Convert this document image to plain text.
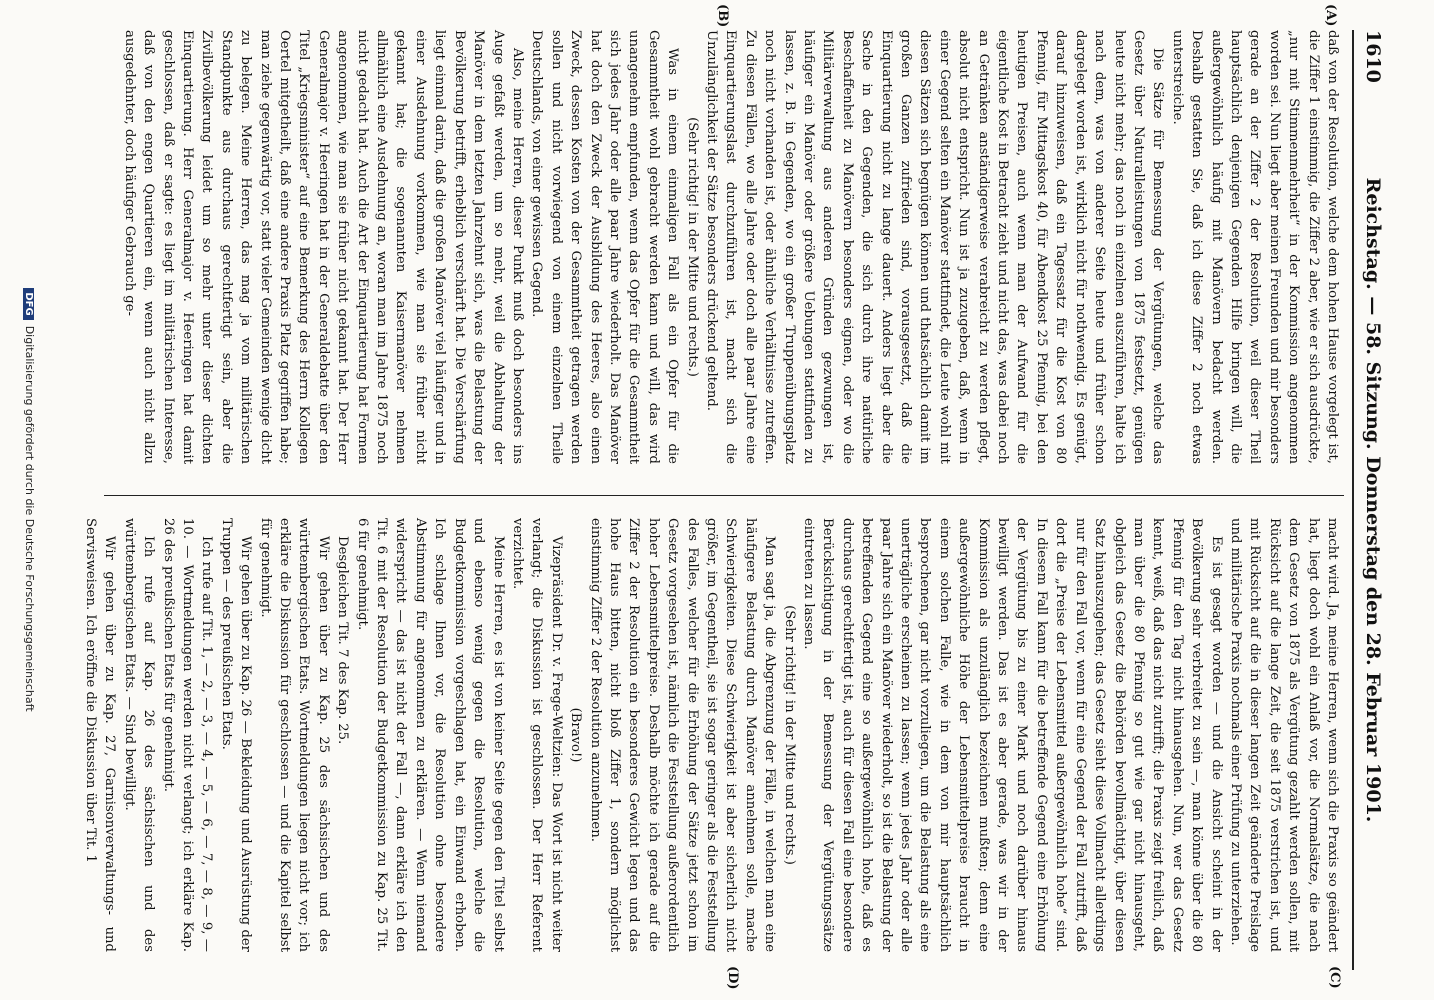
1610
Reichstag. — 58. Sitzung. Donnerstag den 28. Februar 1901.
(A)
(B)
(C)
(D)

daß von der Resolution, welche dem hohen Hause vorgelegt ist, die Ziffer 1 einstimmig, die Ziffer 2 aber, wie er sich ausdrückte, „nur mit Stimmenmehrheit“ in der Kommission angenommen worden sei. Nun liegt aber meinen Freunden und mir besonders gerade an der Ziffer 2 der Resolution, weil dieser Theil hauptsächlich denjenigen Gegenden Hilfe bringen will, die außergewöhnlich häufig mit Manövern bedacht werden. Deshalb gestatten Sie, daß ich diese Ziffer 2 noch etwas unterstreiche.

Die Sätze für Bemessung der Vergütungen, welche das Gesetz über Naturalleistungen von 1875 festsetzt, genügen heute nicht mehr; das noch in einzelnen auszuführen, halte ich nach dem, was von anderer Seite heute und früher schon dargelegt worden ist, wirklich nicht für nothwendig. Es genügt, darauf hinzuweisen, daß ein Tagessatz für die Kost von 80 Pfennig, für Mittagskost 40, für Abendkost 25 Pfennig, bei den heutigen Preisen, auch wenn man der Aufwand für die eigentliche Kost in Betracht zieht und nicht das, was dabei noch an Getränken anständigerweise verabreicht zu werden pflegt, absolut nicht entspricht. Nun ist ja zuzugeben, daß, wenn in einer Gegend selten ein Manöver stattfindet, die Leute wohl mit diesen Sätzen sich begnügen können und thatsächlich damit im großen Ganzen zufrieden sind, vorausgesetzt, daß die Einquartierung nicht zu lange dauert. Anders liegt aber die Sache in den Gegenden, die sich durch ihre natürliche Beschaffenheit zu Manövern besonders eignen, oder wo die Militärverwaltung aus anderen Gründen gezwungen ist, häufiger ein Manöver oder größere Uebungen stattfinden zu lassen, z. B. in Gegenden, wo ein großer Truppenübungsplatz noch nicht vorhanden ist, oder ähnliche Verhältnisse zutreffen. Zu diesen Fällen, wo alle Jahre oder doch alle paar Jahre eine Einquartierungslast durchzuführen ist, macht sich die Unzulänglichkeit der Sätze besonders drückend geltend.

(Sehr richtig! in der Mitte und rechts.)

Was in einem einmaligen Fall als ein Opfer für die Gesammtheit wohl gebracht werden kann und will, das wird unangenehm empfunden, wenn das Opfer für die Gesammtheit sich jedes Jahr oder alle paar Jahre wiederholt. Das Manöver hat doch den Zweck der Ausbildung des Heeres, also einen Zweck, dessen Kosten von der Gesammtheit getragen werden sollen und nicht vorwiegend von einem einzelnen Theile Deutschlands, von einer gewissen Gegend.

Also, meine Herren, dieser Punkt muß doch besonders ins Auge gefaßt werden, um so mehr, weil die Abhaltung der Manöver in dem letzten Jahrzehnt sich, was die Belastung der Bevölkerung betrifft, erheblich verschärft hat. Die Verschärfung liegt einmal darin, daß die großen Manöver viel häufiger und in einer Ausdehnung vorkommen, wie man sie früher nicht gekannt hat; die sogenannten Kaisermanöver nehmen allmählich eine Ausdehnung an, woran man im Jahre 1875 noch nicht gedacht hat. Auch die Art der Einquartierung hat Formen angenommen, wie man sie früher nicht gekannt hat. Der Herr Generalmajor v. Heeringen hat in der Generaldebatte über den Titel „Kriegsminister“ auf eine Bemerkung des Herrn Kollegen Oertel mitgetheilt, daß eine andere Praxis Platz gegriffen habe; man ziehe gegenwärtig vor, statt vieler Gemeinden wenige dicht zu belegen. Meine Herren, das mag ja vom militärischen Standpunkte aus durchaus gerechtfertigt sein, aber die Zivilbevölkerung leidet um so mehr unter dieser dichten Einquartierung. Herr Generalmajor v. Heeringen hat damit geschlossen, daß er sagte: es liegt im militärischen Interesse, daß von den engen Quartieren ein, wenn auch nicht allzu ausgedehnter, doch häufiger Gebrauch ge-

macht wird. Ja, meine Herren, wenn sich die Praxis so geändert hat, liegt doch wohl ein Anlaß vor, die Normalsätze, die nach dem Gesetz von 1875 als Vergütung gezahlt werden sollen, mit Rücksicht auf die lange Zeit, die seit 1875 verstrichen ist, und mit Rücksicht auf die in dieser langen Zeit geänderte Preislage und militärische Praxis nochmals einer Prüfung zu unterziehen.

Es ist gesagt worden — und die Ansicht scheint in der Bevölkerung sehr verbreitet zu sein —, man könne über die 80 Pfennig für den Tag nicht hinausgehen. Nun, wer das Gesetz kennt, weiß, daß das nicht zutrifft; die Praxis zeigt freilich, daß man über die 80 Pfennig so gut wie gar nicht hinausgeht, obgleich das Gesetz die Behörden bevollmächtigt, über diesen Satz hinauszugehen; das Gesetz sieht diese Vollmacht allerdings nur für den Fall vor, wenn für eine Gegend der Fall zutrifft, daß dort die „Preise der Lebensmittel außergewöhnlich hohe“ sind. In diesem Fall kann für die betreffende Gegend eine Erhöhung der Vergütung bis zu einer Mark und noch darüber hinaus bewilligt werden. Das ist es aber gerade, was wir in der Kommission als unzulänglich bezeichnen mußten; denn eine außergewöhnliche Höhe der Lebensmittelpreise braucht in einem solchen Falle, wie in dem von mir hauptsächlich besprochenen, gar nicht vorzuliegen, um die Belastung als eine unerträgliche erscheinen zu lassen; wenn jedes Jahr oder alle paar Jahre sich ein Manöver wiederholt, so ist die Belastung der betreffenden Gegend eine so außergewöhnlich hohe, daß es durchaus gerechtfertigt ist, auch für diesen Fall eine besondere Berücksichtigung in der Bemessung der Vergütungssätze eintreten zu lassen.

(Sehr richtig! in der Mitte und rechts.)

Man sagt ja, die Abgrenzung der Fälle, in welchen man eine häufigere Belastung durch Manöver annehmen solle, mache Schwierigkeiten. Diese Schwierigkeit ist aber sicherlich nicht größer, im Gegentheil, sie ist sogar geringer als die Feststellung des Falles, welcher für die Erhöhung der Sätze jetzt schon im Gesetz vorgesehen ist, nämlich die Feststellung außerordentlich hoher Lebensmittelpreise. Deshalb möchte ich gerade auf die Ziffer 2 der Resolution ein besonderes Gewicht legen und das hohe Haus bitten, nicht bloß Ziffer 1, sondern möglichst einstimmig Ziffer 2 der Resolution anzunehmen.

(Bravo!)

Vizepräsident Dr. v. Frege-Weltzien: Das Wort ist nicht weiter verlangt; die Diskussion ist geschlossen. Der Herr Referent verzichtet.

Meine Herren, es ist von keiner Seite gegen den Titel selbst und ebenso wenig gegen die Resolution, welche die Budgetkommission vorgeschlagen hat, ein Einwand erhoben. Ich schlage Ihnen vor, die Resolution ohne besondere Abstimmung für angenommen zu erklären. — Wenn niemand widerspricht — das ist nicht der Fall —, dann erkläre ich den Tit. 6 mit der Resolution der Budgetkommission zu Kap. 25 Tit. 6 für genehmigt.

Desgleichen Tit. 7 des Kap. 25.

Wir gehen über zu Kap. 25 des sächsischen und des württembergischen Etats. Wortmeldungen liegen nicht vor; ich erkläre die Diskussion für geschlossen — und die Kapitel selbst für genehmigt.

Wir gehen über zu Kap. 26 — Bekleidung und Ausrüstung der Truppen — des preußischen Etats.

Ich rufe auf Tit. 1, — 2, — 3, — 4, — 5, — 6, — 7, — 8, — 9, — 10. — Wortmeldungen werden nicht verlangt; ich erkläre Kap. 26 des preußischen Etats für genehmigt.

Ich rufe auf Kap. 26 des sächsischen und des württembergischen Etats. — Sind bewilligt.

Wir gehen über zu Kap. 27, Garnisonverwaltungs- und Servisweisen. Ich eröffne die Diskussion über Tit. 1

DFGDigitalisierung gefördert durch die Deutsche Forschungsgemeinschaft
